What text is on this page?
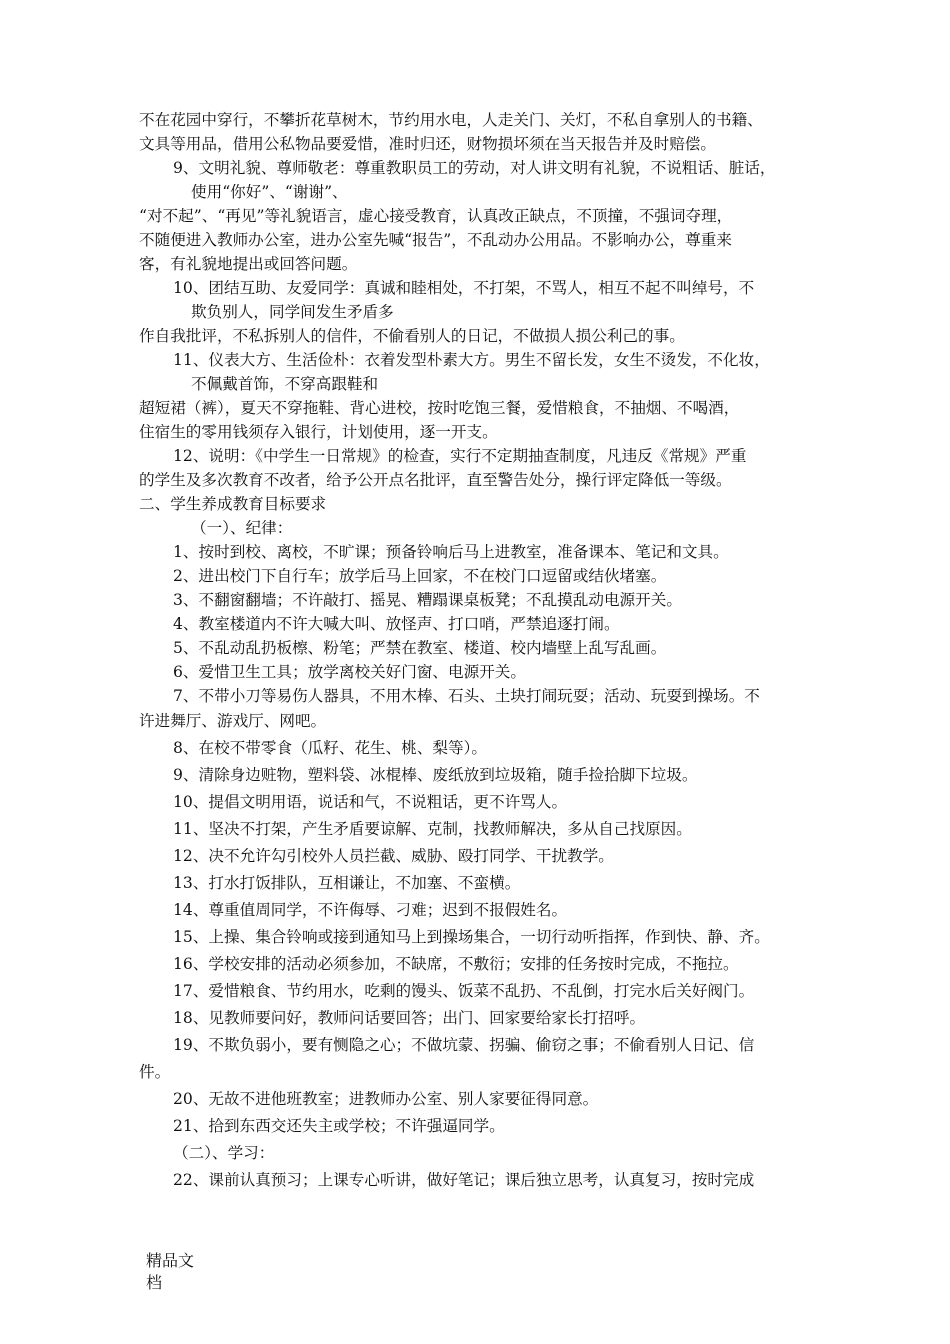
不在花园中穿行，不攀折花草树木，节约用水电，人走关门、关灯，不私自拿别人的书籍、
文具等用品，借用公私物品要爱惜，准时归还，财物损坏须在当天报告并及时赔偿。
9、文明礼貌、尊师敬老：尊重教职员工的劳动，对人讲文明有礼貌，不说粗话、脏话，
使用“你好”、“谢谢”、
“对不起”、“再见”等礼貌语言，虚心接受教育，认真改正缺点，不顶撞，不强词夺理，
不随便进入教师办公室，进办公室先喊“报告”，不乱动办公用品。不影响办公，尊重来
客，有礼貌地提出或回答问题。
10、团结互助、友爱同学：真诚和睦相处，不打架，不骂人，相互不起不叫绰号，不
欺负别人，同学间发生矛盾多
作自我批评，不私拆别人的信件，不偷看别人的日记，不做损人损公利己的事。
11、仪表大方、生活俭朴：衣着发型朴素大方。男生不留长发，女生不烫发，不化妆，
不佩戴首饰，不穿高跟鞋和
超短裙（裤），夏天不穿拖鞋、背心进校，按时吃饱三餐，爱惜粮食，不抽烟、不喝酒，
住宿生的零用钱须存入银行，计划使用，逐一开支。
12、说明：《中学生一日常规》的检查，实行不定期抽查制度，凡违反《常规》严重
的学生及多次教育不改者，给予公开点名批评，直至警告处分，操行评定降低一等级。
二、学生养成教育目标要求
（一）、纪律：
1、按时到校、离校，不旷课；预备铃响后马上进教室，准备课本、笔记和文具。
2、进出校门下自行车；放学后马上回家，不在校门口逗留或结伙堵塞。
3、不翻窗翻墙；不许敲打、摇晃、糟蹋课桌板凳；不乱摸乱动电源开关。
4、教室楼道内不许大喊大叫、放怪声、打口哨，严禁追逐打闹。
5、不乱动乱扔板檫、粉笔；严禁在教室、楼道、校内墙壁上乱写乱画。
6、爱惜卫生工具；放学离校关好门窗、电源开关。
7、不带小刀等易伤人器具，不用木棒、石头、土块打闹玩耍；活动、玩耍到操场。不
许进舞厅、游戏厅、网吧。
8、在校不带零食（瓜籽、花生、桃、梨等）。
9、清除身边赃物，塑料袋、冰棍棒、废纸放到垃圾箱，随手捡拾脚下垃圾。
10、提倡文明用语，说话和气，不说粗话，更不许骂人。
11、坚决不打架，产生矛盾要谅解、克制，找教师解决，多从自己找原因。
12、决不允许勾引校外人员拦截、威胁、殴打同学、干扰教学。
13、打水打饭排队，互相谦让，不加塞、不蛮横。
14、尊重值周同学，不许侮辱、刁难；迟到不报假姓名。
15、上操、集合铃响或接到通知马上到操场集合，一切行动听指挥，作到快、静、齐。
16、学校安排的活动必须参加，不缺席，不敷衍；安排的任务按时完成，不拖拉。
17、爱惜粮食、节约用水，吃剩的馒头、饭菜不乱扔、不乱倒，打完水后关好阀门。
18、见教师要问好，教师问话要回答；出门、回家要给家长打招呼。
19、不欺负弱小，要有恻隐之心；不做坑蒙、拐骗、偷窃之事；不偷看别人日记、信
件。
20、无故不进他班教室；进教师办公室、别人家要征得同意。
21、拾到东西交还失主或学校；不许强逼同学。
（二）、学习：
22、课前认真预习；上课专心听讲，做好笔记；课后独立思考，认真复习，按时完成
精品文
档
